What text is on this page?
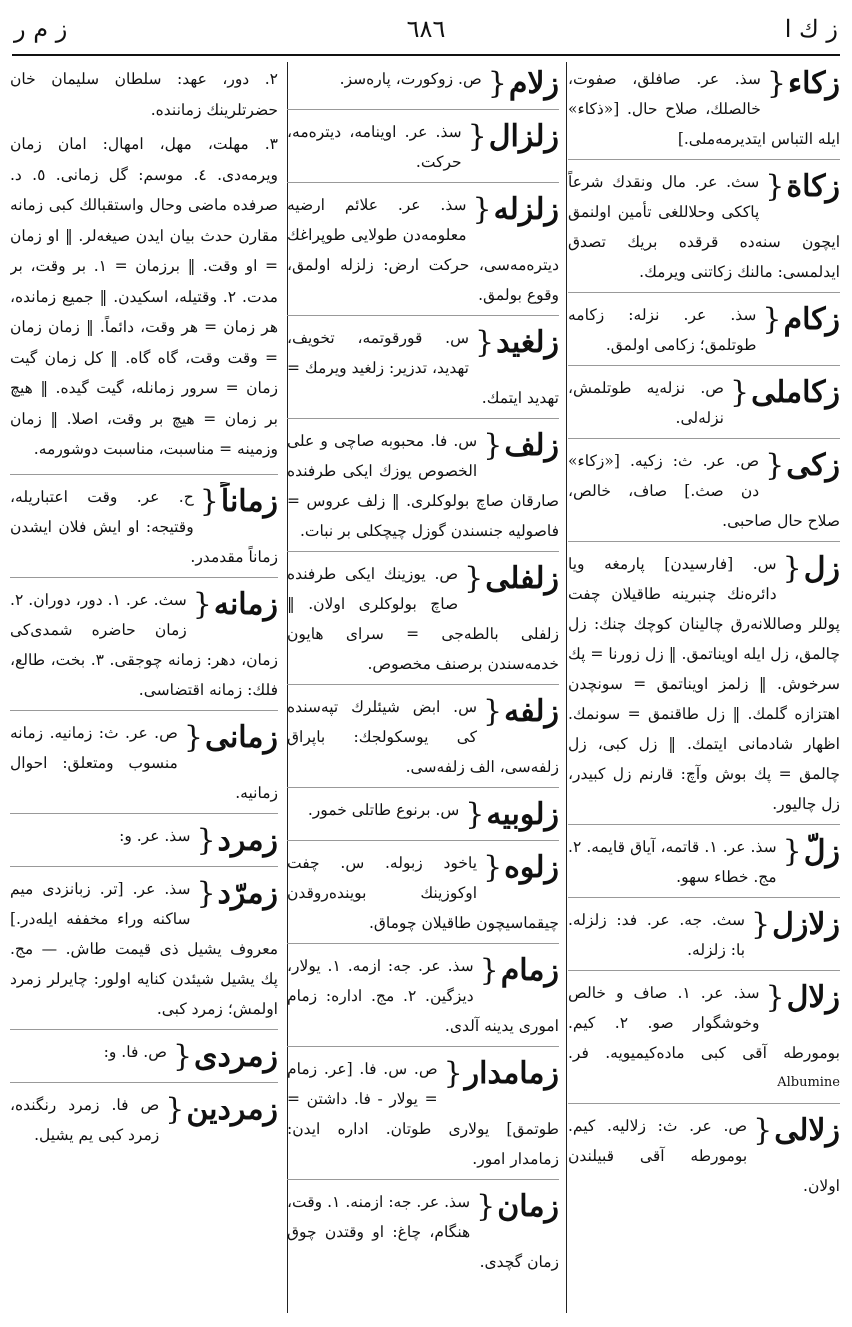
ز ك ا
٦٨٦
ز م ر
زكاء {
سذ. عر. صافلق، صفوت، خالصلك، صلاح حال. [«ذكاء» ايله التباس ايتديرمه‌ملى.]
زكاة {
سث. عر. مال ونقدك شرعاً پاككى وحلاللغى تأمين اولنمق ايچون سنه‌ده قرقده بريك تصدق ايدلمسى: مالنك زكاتنى ويرمك.
زكام {
سذ. عر. نزله: زكامه طوتلمق؛ زكامى اولمق.
زكاملى {
ص. نزله‌يه طوتلمش، نزله‌لى.
زكى {
ص. عر. ث: زكيه. [«زكاء» دن صث.] صاف، خالص، صلاح حال صاحبى.
زل {
س. [فارسيدن] پارمغه ويا دائره‌نك چنبرينه طاقيلان چفت پوللر وصاللانه‌رق چالينان كوچك چنك: زل چالمق، زل ايله اويناتمق. ‖ زل زورنا = پك سرخوش. ‖ زلمز اويناتمق = سونچدن اهتزازه گلمك. ‖ زل طاقنمق = سونمك. اظهار شادمانى ايتمك. ‖ زل كبى، زل چالمق = پك بوش وآچ: قارنم زل كبيدر، زل چاليور.
زلّ {
سذ. عر. ١. قاتمه، آياق قايمه. ٢. مج. خطاء سهو.
زلازل {
سث. جه. عر. فد: زلزله. با: زلزله.
زلال {
سذ. عر. ١. صاف و خالص وخوشگوار صو. ٢. كيم. بومورطه آقى كبى ماده‌كيميويه. فر. Albumine
زلالى {
ص. عر. ث: زلاليه. كيم. بومورطه آقى قبيلندن اولان.
زلام {
ص. زوكورت، پاره‌سز.
زلزال {
سذ. عر. اوينامه، ديتره‌مه، حركت.
زلزله {
سذ. عر. علائم ارضيه معلومه‌دن طولايى طوپراغك ديتره‌مه‌سى، حركت ارض: زلزله اولمق، وقوع بولمق.
زلغيد {
س. قورقوتمه، تخويف، تهديد، تدزير: زلغيد ويرمك = تهديد ايتمك.
زلف {
س. فا. محبوبه صاچى و على الخصوص يوزك ايكى طرفنده صارقان صاچ بولوكلرى. ‖ زلف عروس = فاصوليه جنسندن گوزل چيچكلى بر نبات.
زلفلى {
ص. يوزينك ايكى طرفنده صاچ بولوكلرى اولان. ‖ زلفلى بالطه‌جى = سراى هايون خدمه‌سندن برصنف مخصوص.
زلفه {
س. ابض شيئلرك تپه‌سنده كى يوسكولجك: باپراق زلفه‌سى، الف زلفه‌سى.
زلوبيه {
س. برنوع طاتلى خمور.
زلوه {
ياخود زبوله. س. چفت اوكوزينك بوينده‌روقدن چيقماسيچون طاقيلان چوماق.
زمام {
سذ. عر. جه: ازمه. ١. يولار، ديزگين. ٢. مج. اداره: زمام امورى يدينه آلدى.
زمامدار {
ص. س. فا. [عر. زمام = يولار - فا. داشتن = طوتمق] يولارى طوتان. اداره ايدن: زمامدار امور.
زمان {
سذ. عر. جه: ازمنه. ١. وقت، هنگام، چاغ: او وقتدن چوق زمان گچدى.
٢. دور، عهد: سلطان سليمان خان حضرتلرينك زماننده.
٣. مهلت، مهل، امهال: امان زمان ويرمه‌دى. ٤. موسم: گل زمانى. ٥. د. صرفده ماضى وحال واستقبالك كبى زمانه مقارن حدث بيان ايدن صيغه‌لر. ‖ او زمان = او وقت. ‖ برزمان = ١. بر وقت، بر مدت. ٢. وقتيله، اسكيدن. ‖ جميع زمانده، هر زمان = هر وقت، دائماً. ‖ زمان زمان = وقت وقت، گاه گاه. ‖ كل زمان گيت زمان = سرور زمانله، گيت گيده. ‖ هيچ بر زمان = هيچ بر وقت، اصلا. ‖ زمان وزمينه = مناسبت، مناسبت دوشورمه.
زماناً {
ح. عر. وقت اعتباريله، وقتيجه: او ايش فلان ايشدن زماناً مقدمدر.
زمانه {
سث. عر. ١. دور، دوران. ٢. زمان حاضره شمدى‌كى زمان، دهر: زمانه چوجقى. ٣. بخت، طالع، فلك: زمانه اقتضاسى.
زمانى {
ص. عر. ث: زمانيه. زمانه منسوب ومتعلق: احوال زمانيه.
زمرد {
سذ. عر. و:
زمرّد {
سذ. عر. [تر. زبانزدى ميم ساكنه وراء مخففه ايله‌در.] معروف يشيل ذى قيمت طاش. — مج. پك يشيل شيئدن كنايه اولور: چايرلر زمرد اولمش؛ زمرد كبى.
زمردى {
ص. فا. و:
زمردين {
ص فا. زمرد رنگنده، زمرد كبى يم يشيل.
